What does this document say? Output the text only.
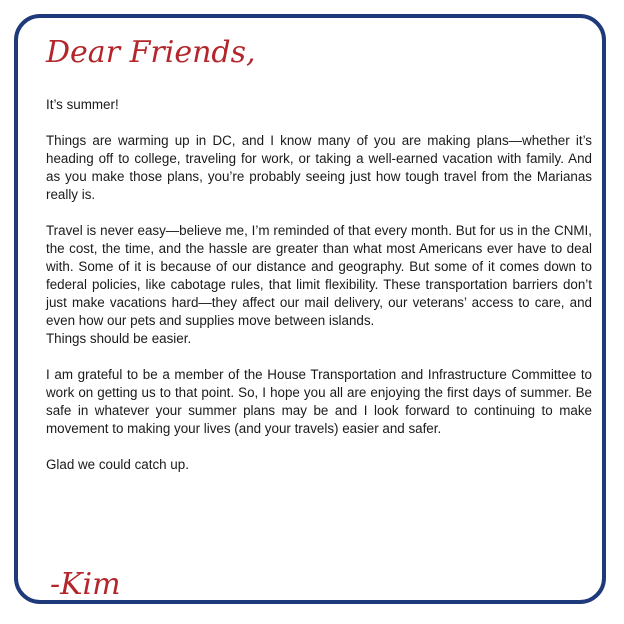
Dear Friends,

It’s summer!

Things are warming up in DC, and I know many of you are making plans—whether it’s heading off to college, traveling for work, or taking a well-earned vacation with family. And as you make those plans, you’re probably seeing just how tough travel from the Marianas really is.

Travel is never easy—believe me, I’m reminded of that every month. But for us in the CNMI, the cost, the time, and the hassle are greater than what most Americans ever have to deal with. Some of it is because of our distance and geography. But some of it comes down to federal policies, like cabotage rules, that limit flexibility. These transportation barriers don’t just make vacations hard—they affect our mail delivery, our veterans’ access to care, and even how our pets and supplies move between islands.

Things should be easier.

I am grateful to be a member of the House Transportation and Infrastructure Committee to work on getting us to that point. So, I hope you all are enjoying the first days of summer. Be safe in whatever your summer plans may be and I look forward to continuing to make movement to making your lives (and your travels) easier and safer.

Glad we could catch up.

-Kim
